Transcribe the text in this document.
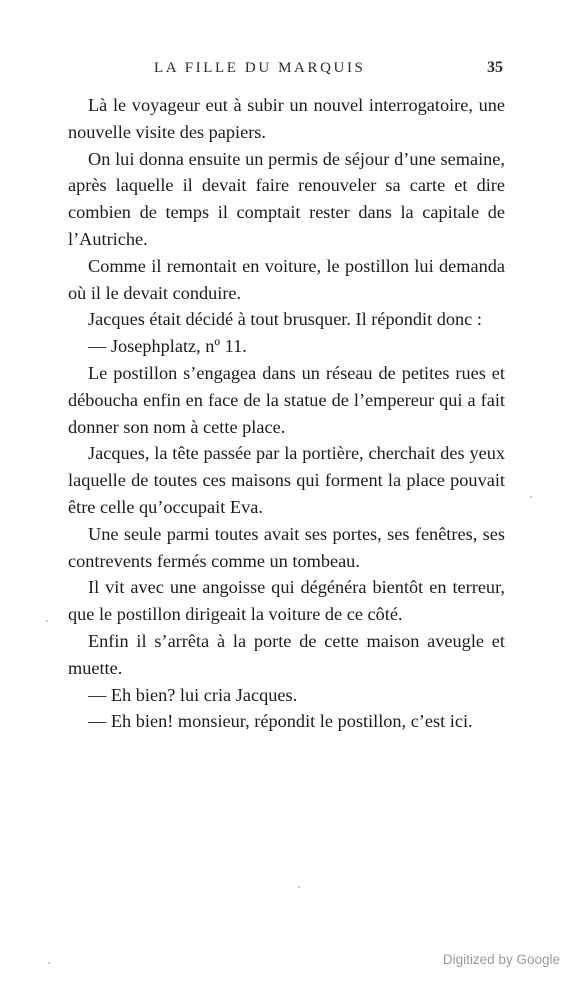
LA FILLE DU MARQUIS	35

Là le voyageur eut à subir un nouvel interrogatoire, une nouvelle visite des papiers.

On lui donna ensuite un permis de séjour d’une semaine, après laquelle il devait faire renouveler sa carte et dire combien de temps il comptait rester dans la capitale de l’Autriche.

Comme il remontait en voiture, le postillon lui demanda où il le devait conduire.

Jacques était décidé à tout brusquer. Il répondit donc :

— Josephplatz, nº 11.

Le postillon s’engagea dans un réseau de petites rues et déboucha enfin en face de la statue de l’empereur qui a fait donner son nom à cette place.

Jacques, la tête passée par la portière, cherchait des yeux laquelle de toutes ces maisons qui forment la place pouvait être celle qu’occupait Eva.

Une seule parmi toutes avait ses portes, ses fenêtres, ses contrevents fermés comme un tombeau.

Il vit avec une angoisse qui dégénéra bientôt en terreur, que le postillon dirigeait la voiture de ce côté.

Enfin il s’arrêta à la porte de cette maison aveugle et muette.

— Eh bien? lui cria Jacques.

— Eh bien! monsieur, répondit le postillon, c’est ici.

Digitized by Google
